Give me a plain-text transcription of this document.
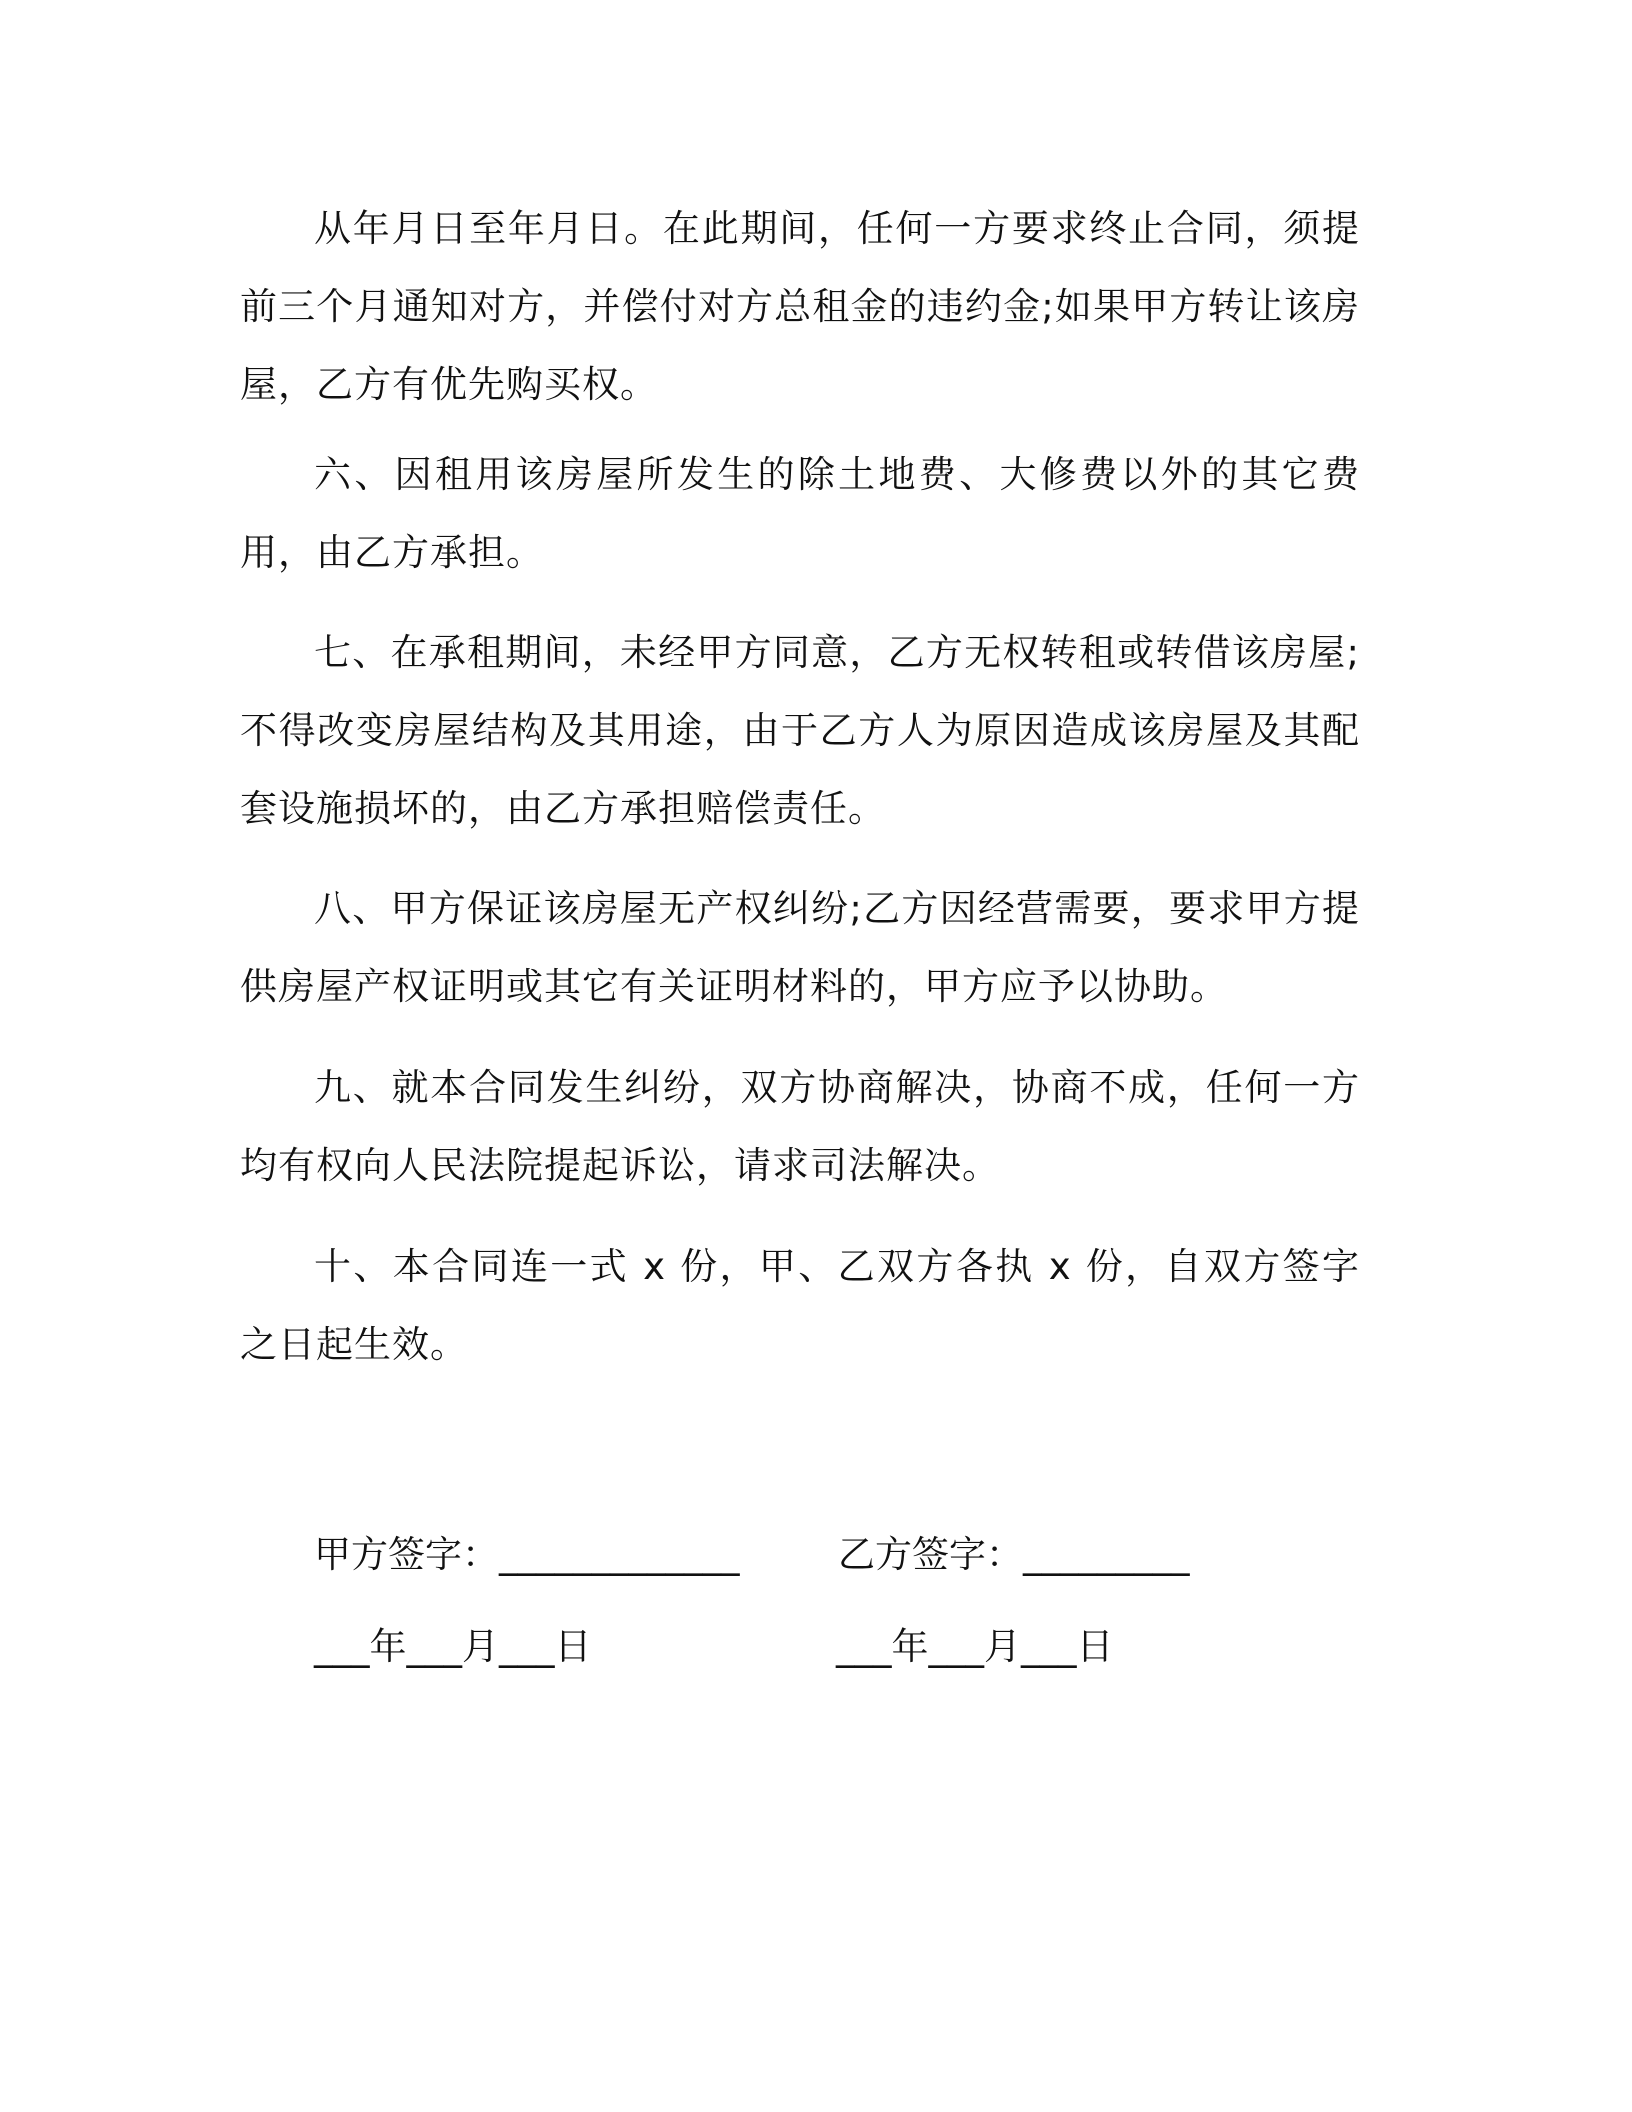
从年月日至年月日。在此期间，任何一方要求终止合同，须提前三个月通知对方，并偿付对方总租金的违约金;如果甲方转让该房屋，乙方有优先购买权。

六、因租用该房屋所发生的除土地费、大修费以外的其它费用，由乙方承担。

七、在承租期间，未经甲方同意，乙方无权转租或转借该房屋;不得改变房屋结构及其用途，由于乙方人为原因造成该房屋及其配套设施损坏的，由乙方承担赔偿责任。

八、甲方保证该房屋无产权纠纷;乙方因经营需要，要求甲方提供房屋产权证明或其它有关证明材料的，甲方应予以协助。

九、就本合同发生纠纷，双方协商解决，协商不成，任何一方均有权向人民法院提起诉讼，请求司法解决。

十、本合同连一式 x 份，甲、乙双方各执 x 份，自双方签字之日起生效。

甲方签字：_____________	乙方签字：_________
___年___月___日	___年___月___日
